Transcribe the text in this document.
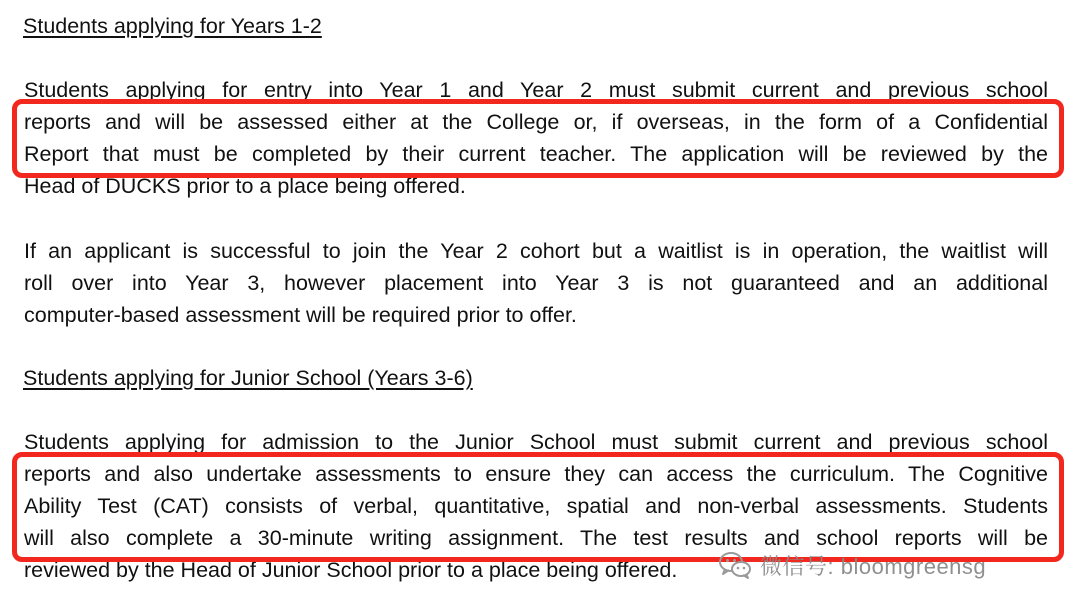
Students applying for Years 1-2
Students applying for entry into Year 1 and Year 2 must submit current and previous school
reports and will be assessed either at the College or, if overseas, in the form of a Confidential
Report that must be completed by their current teacher. The application will be reviewed by the
Head of DUCKS prior to a place being offered.
If an applicant is successful to join the Year 2 cohort but a waitlist is in operation, the waitlist will
roll over into Year 3, however placement into Year 3 is not guaranteed and an additional
computer-based assessment will be required prior to offer.
Students applying for Junior School (Years 3-6)
Students applying for admission to the Junior School must submit current and previous school
reports and also undertake assessments to ensure they can access the curriculum. The Cognitive
Ability Test (CAT) consists of verbal, quantitative, spatial and non-verbal assessments. Students
will also complete a 30-minute writing assignment. The test results and school reports will be
reviewed by the Head of Junior School prior to a place being offered.	微信号: bloomgreensg
